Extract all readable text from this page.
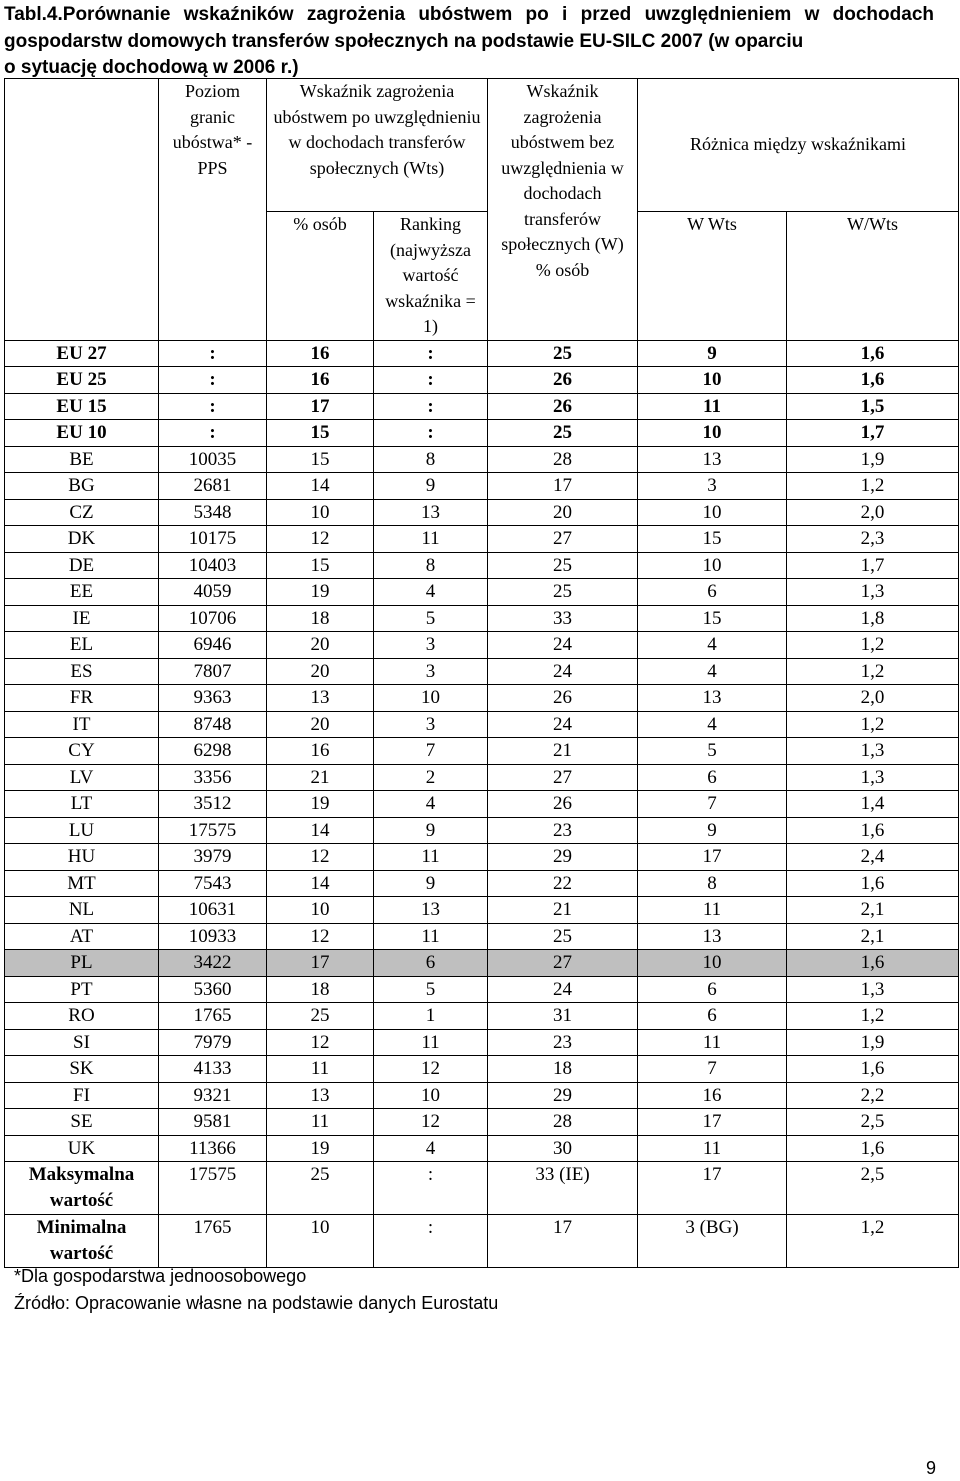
Tabl.4.Porównanie wskaźników zagrożenia ubóstwem po i przed uwzględnieniem w dochodach gospodarstw domowych transferów społecznych na podstawie EU-SILC 2007 (w oparciu
o sytuację dochodową w 2006 r.)
	Poziom granic ubóstwa* - PPS	Wskaźnik zagrożenia ubóstwem po uwzględnieniu w dochodach transferów społecznych (Wts)		Wskaźnik zagrożenia ubóstwem bez uwzględnienia w dochodach transferów społecznych (W) % osób	Różnica między wskaźnikami	
		% osób	Ranking (najwyższa wartość wskaźnika = 1)		W Wts	W/Wts
EU 27	:	16	:	25	9	1,6
EU 25	:	16	:	26	10	1,6
EU 15	:	17	:	26	11	1,5
EU 10	:	15	:	25	10	1,7
BE	10035	15	8	28	13	1,9
BG	2681	14	9	17	3	1,2
CZ	5348	10	13	20	10	2,0
DK	10175	12	11	27	15	2,3
DE	10403	15	8	25	10	1,7
EE	4059	19	4	25	6	1,3
IE	10706	18	5	33	15	1,8
EL	6946	20	3	24	4	1,2
ES	7807	20	3	24	4	1,2
FR	9363	13	10	26	13	2,0
IT	8748	20	3	24	4	1,2
CY	6298	16	7	21	5	1,3
LV	3356	21	2	27	6	1,3
LT	3512	19	4	26	7	1,4
LU	17575	14	9	23	9	1,6
HU	3979	12	11	29	17	2,4
MT	7543	14	9	22	8	1,6
NL	10631	10	13	21	11	2,1
AT	10933	12	11	25	13	2,1
PL	3422	17	6	27	10	1,6
PT	5360	18	5	24	6	1,3
RO	1765	25	1	31	6	1,2
SI	7979	12	11	23	11	1,9
SK	4133	11	12	18	7	1,6
FI	9321	13	10	29	16	2,2
SE	9581	11	12	28	17	2,5
UK	11366	19	4	30	11	1,6
Maksymalna wartość	17575	25	:	33 (IE)	17	2,5
Minimalna wartość	1765	10	:	17	3 (BG)	1,2
*Dla gospodarstwa jednoosobowego
Źródło: Opracowanie własne na podstawie danych Eurostatu
9
